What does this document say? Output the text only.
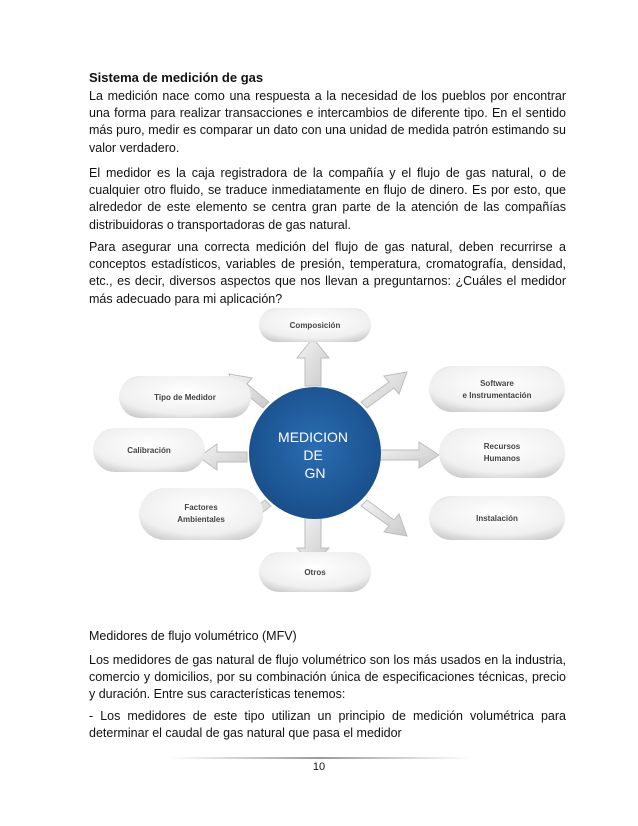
Sistema de medición de gas

La medición nace como una respuesta a la necesidad de los pueblos por encontrar una forma para realizar transacciones e intercambios de diferente tipo. En el sentido más puro, medir es comparar un dato con una unidad de medida patrón estimando su valor verdadero.

El medidor es la caja registradora de la compañía y el flujo de gas natural, o de cualquier otro fluido, se traduce inmediatamente en flujo de dinero. Es por esto, que alrededor de este elemento se centra gran parte de la atención de las compañías distribuidoras o transportadoras de gas natural.

Para asegurar una correcta medición del flujo de gas natural, deben recurrirse a conceptos estadísticos, variables de presión, temperatura, cromatografía, densidad, etc., es decir, diversos aspectos que nos llevan a preguntarnos: ¿Cuáles el medidor más adecuado para mi aplicación?

MEDICION DE GN
Composición
Software
e Instrumentación
Recursos
Humanos
Instalación
Otros
Factores
Ambientales
Calibración
Tipo de Medidor
Medidores de flujo volumétrico (MFV)

Los medidores de gas natural de flujo volumétrico son los más usados en la industria, comercio y domicilios, por su combinación única de especificaciones técnicas, precio y duración. Entre sus características tenemos:

- Los medidores de este tipo utilizan un principio de medición volumétrica para determinar el caudal de gas natural que pasa el medidor

10
